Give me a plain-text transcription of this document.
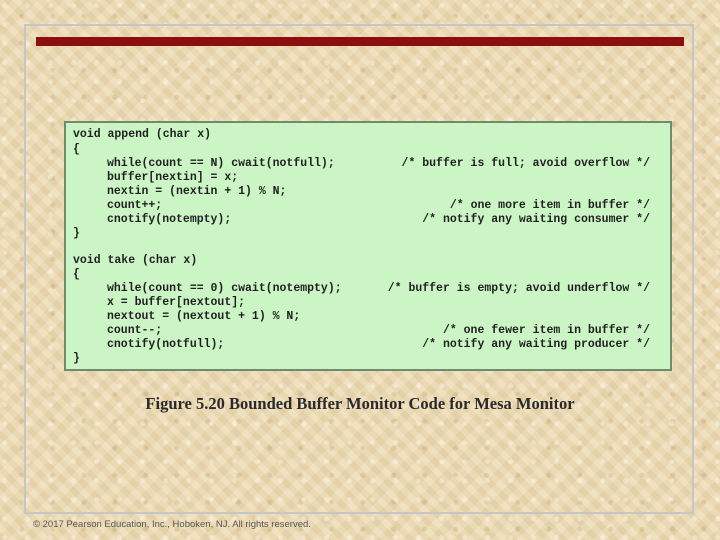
void append (char x)

{

while(count == N) cwait(notfull);

	/* buffer is full; avoid overflow */

buffer[nextin] = x;

nextin = (nextin + 1) % N;

count++;

	/* one more item in buffer */

cnotify(notempty);

	/* notify any waiting consumer */

}

void take (char x)

{

while(count == 0) cwait(notempty);

	/* buffer is empty; avoid underflow */

x = buffer[nextout];

nextout = (nextout + 1) % N;

count--;

	/* one fewer item in buffer */

cnotify(notfull);

	/* notify any waiting producer */

}

Figure 5.20 Bounded Buffer Monitor Code for Mesa Monitor
© 2017 Pearson Education, Inc., Hoboken, NJ. All rights reserved.
